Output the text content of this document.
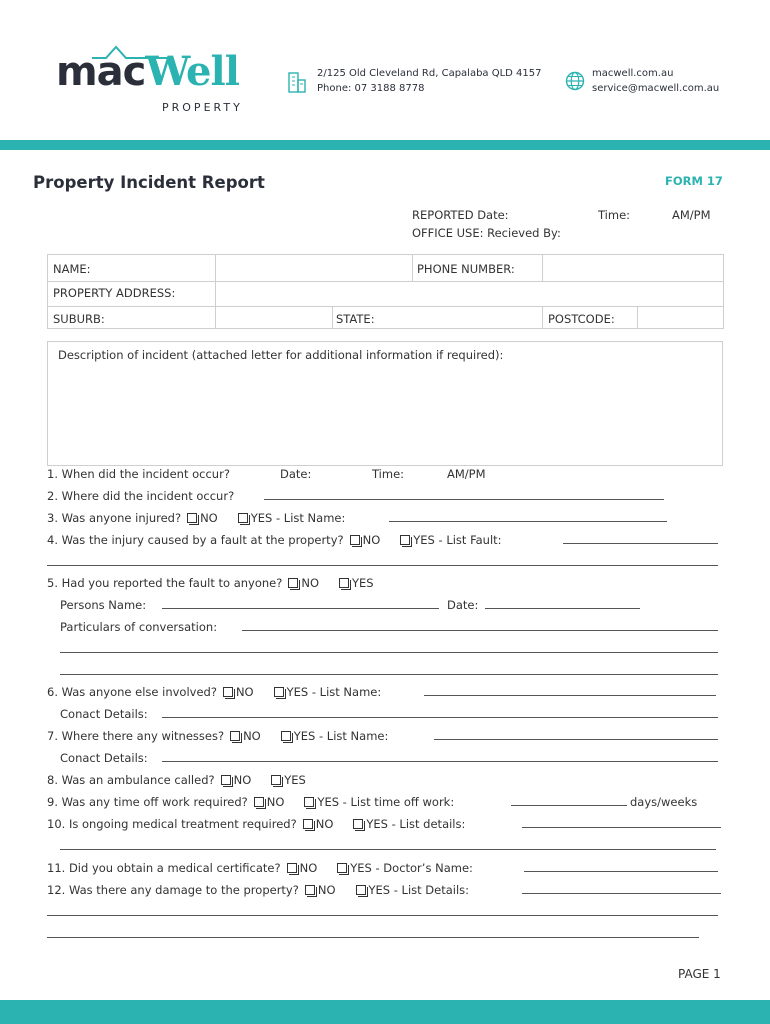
macWell
PROPERTY
2/125 Old Cleveland Rd, Capalaba QLD 4157
Phone: 07 3188 8778
macwell.com.au
service@macwell.com.au
Property Incident Report	FORM 17
REPORTED Date:	Time:	AM/PM
OFFICE USE: Recieved By:
NAME:	PHONE NUMBER:
PROPERTY ADDRESS:
SUBURB:	STATE:	POSTCODE:
Description of incident (attached letter for additional information if required):
1. When did the incident occur?	Date:	Time:	AM/PM
2. Where did the incident occur?
3. Was anyone injured? NO	YES - List Name:
4. Was the injury caused by a fault at the property? NO	YES - List Fault:
5. Had you reported the fault to anyone? NO	YES
Persons Name:	Date:
Particulars of conversation:
6. Was anyone else involved? NO	YES - List Name:
Conact Details:
7. Where there any witnesses? NO	YES - List Name:
Conact Details:
8. Was an ambulance called? NO	YES
9. Was any time off work required? NO	YES - List time off work:	days/weeks
10. Is ongoing medical treatment required? NO	YES - List details:
11. Did you obtain a medical certificate? NO	YES - Doctor’s Name:
12. Was there any damage to the property? NO	YES - List Details:
PAGE 1
